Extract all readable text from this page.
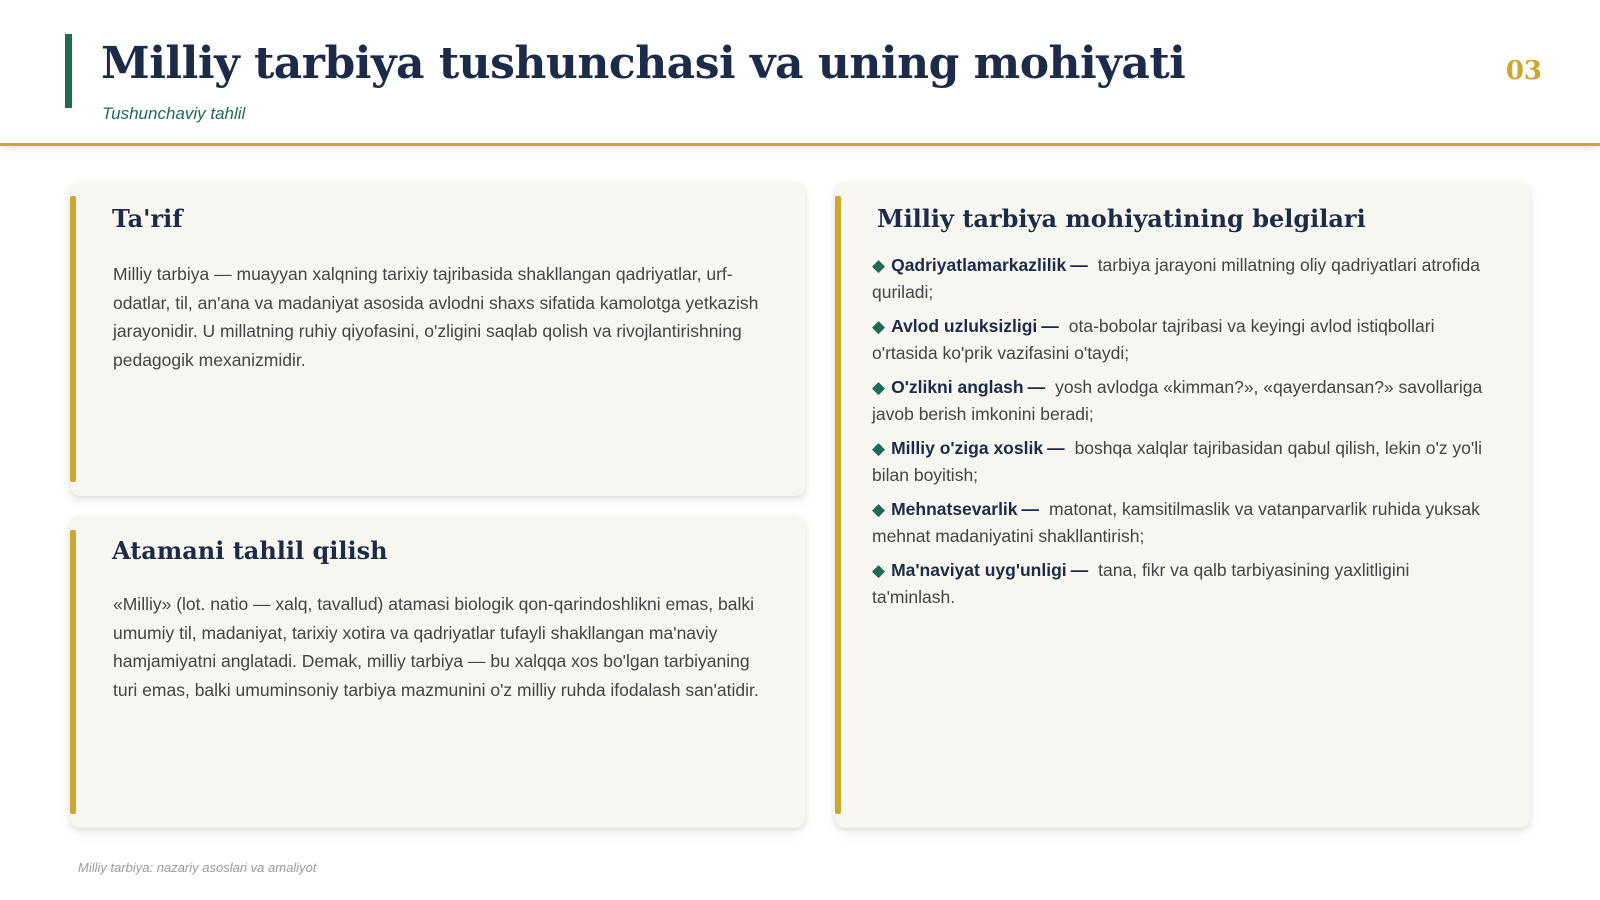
Milliy tarbiya tushunchasi va uning mohiyati
Tushunchaviy tahlil
03
Ta'rif
Milliy tarbiya — muayyan xalqning tarixiy tajribasida shakllangan qadriyatlar, urf-odatlar, til, an'ana va madaniyat asosida avlodni shaxs sifatida kamolotga yetkazish jarayonidir. U millatning ruhiy qiyofasini, o'zligini saqlab qolish va rivojlantirishning pedagogik mexanizmidir.
Atamani tahlil qilish
«Milliy» (lot. natio — xalq, tavallud) atamasi biologik qon-qarindoshlikni emas, balki umumiy til, madaniyat, tarixiy xotira va qadriyatlar tufayli shakllangan ma'naviy hamjamiyatni anglatadi. Demak, milliy tarbiya — bu xalqqa xos bo'lgan tarbiyaning turi emas, balki umuminsoniy tarbiya mazmunini o'z milliy ruhda ifodalash san'atidir.
Milliy tarbiya mohiyatining belgilari
◆ Qadriyatlamarkazlilik — tarbiya jarayoni millatning oliy qadriyatlari atrofida quriladi;
◆ Avlod uzluksizligi — ota-bobolar tajribasi va keyingi avlod istiqbollari o'rtasida ko'prik vazifasini o'taydi;
◆ O'zlikni anglash — yosh avlodga «kimman?», «qayerdansan?» savollariga javob berish imkonini beradi;
◆ Milliy o'ziga xoslik — boshqa xalqlar tajribasidan qabul qilish, lekin o'z yo'li bilan boyitish;
◆ Mehnatsevarlik — matonat, kamsitilmaslik va vatanparvarlik ruhida yuksak mehnat madaniyatini shakllantirish;
◆ Ma'naviyat uyg'unligi — tana, fikr va qalb tarbiyasining yaxlitligini ta'minlash.
Milliy tarbiya: nazariy asoslari va amaliyot
